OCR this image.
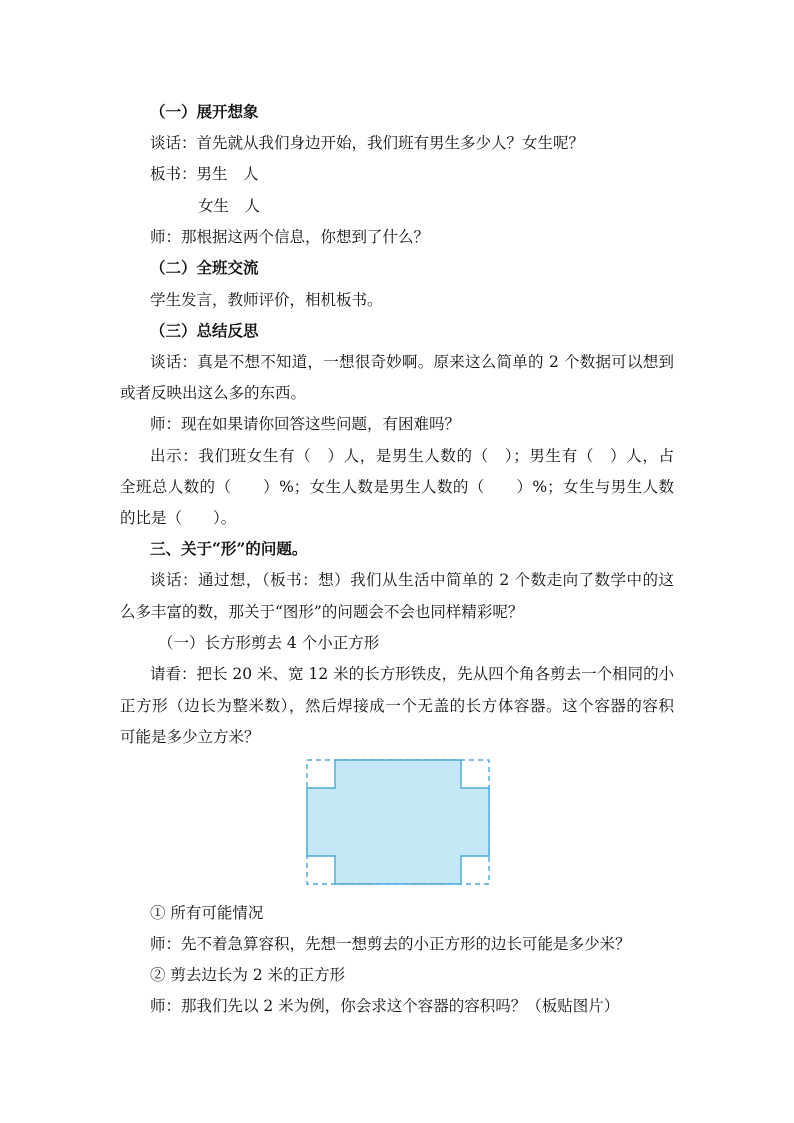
（一）展开想象
谈话：首先就从我们身边开始，我们班有男生多少人？女生呢？
板书：男生　人
女生　人
师：那根据这两个信息，你想到了什么？
（二）全班交流
学生发言，教师评价，相机板书。
（三）总结反思
谈话：真是不想不知道，一想很奇妙啊。原来这么简单的 2 个数据可以想到
或者反映出这么多的东西。
师：现在如果请你回答这些问题，有困难吗？
出示：我们班女生有（　）人，是男生人数的（　）；男生有（　）人，占
全班总人数的（　　）%；女生人数是男生人数的（　　）%；女生与男生人数
的比是（　　）。
三、关于“形”的问题。
谈话：通过想，（板书：想）我们从生活中简单的 2 个数走向了数学中的这
么多丰富的数，那关于“图形”的问题会不会也同样精彩呢？
（一）长方形剪去 4 个小正方形
请看：把长 20 米、宽 12 米的长方形铁皮，先从四个角各剪去一个相同的小
正方形（边长为整米数），然后焊接成一个无盖的长方体容器。这个容器的容积
可能是多少立方米？
① 所有可能情况
师：先不着急算容积，先想一想剪去的小正方形的边长可能是多少米？
② 剪去边长为 2 米的正方形
师：那我们先以 2 米为例，你会求这个容器的容积吗？（板贴图片）
